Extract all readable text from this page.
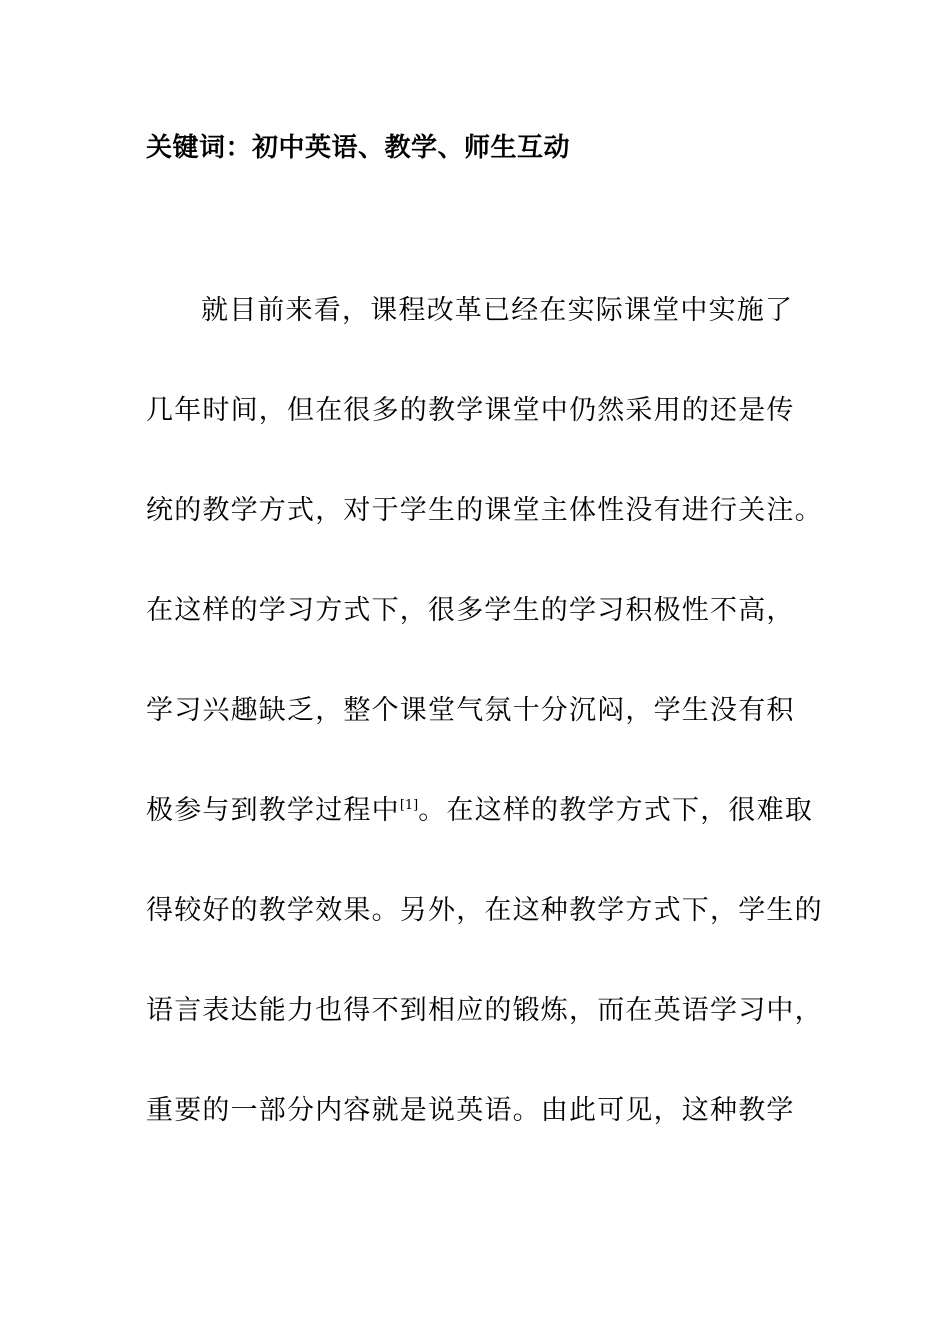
关键词：初中英语、教学、师生互动
就目前来看，课程改革已经在实际课堂中实施了
几年时间，但在很多的教学课堂中仍然采用的还是传
统的教学方式，对于学生的课堂主体性没有进行关注。
在这样的学习方式下，很多学生的学习积极性不高，
学习兴趣缺乏，整个课堂气氛十分沉闷，学生没有积
极参与到教学过程中[1]。在这样的教学方式下，很难取
得较好的教学效果。另外，在这种教学方式下，学生的
语言表达能力也得不到相应的锻炼，而在英语学习中，
重要的一部分内容就是说英语。由此可见，这种教学
